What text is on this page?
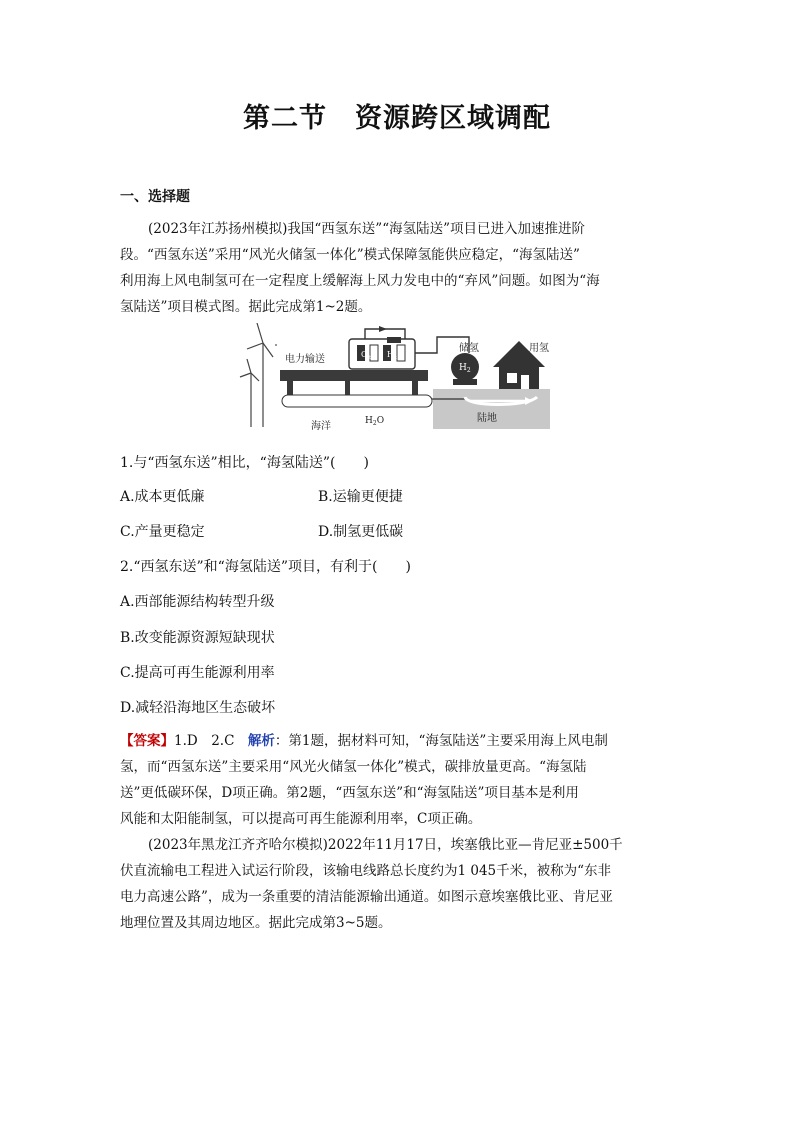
第二节　资源跨区域调配
一、选择题
(2023年江苏扬州模拟)我国“西氢东送”“海氢陆送”项目已进入加速推进阶
段。“西氢东送”采用“风光火储氢一体化”模式保障氢能供应稳定，“海氢陆送”
利用海上风电制氢可在一定程度上缓解海上风力发电中的“弃风”问题。如图为“海
氢陆送”项目模式图。据此完成第1~2题。
电力输送	$O_2$ $H_2$
储氢
$H_2$
用氢
海洋	$H_2O$	陆地
1.与“西氢东送”相比，“海氢陆送”(　　)
A.成本更低廉	B.运输更便捷
C.产量更稳定	D.制氢更低碳
2.“西氢东送”和“海氢陆送”项目，有利于(　　)
A.西部能源结构转型升级
B.改变能源资源短缺现状
C.提高可再生能源利用率
D.减轻沿海地区生态破坏
【答案】1.D　2.C　解析：第1题，据材料可知，“海氢陆送”主要采用海上风电制
氢，而“西氢东送”主要采用“风光火储氢一体化”模式，碳排放量更高。“海氢陆
送”更低碳环保，D项正确。第2题，“西氢东送”和“海氢陆送”项目基本是利用
风能和太阳能制氢，可以提高可再生能源利用率，C项正确。
(2023年黑龙江齐齐哈尔模拟)2022年11月17日，埃塞俄比亚—肯尼亚±500千
伏直流输电工程进入试运行阶段，该输电线路总长度约为1 045千米，被称为“东非
电力高速公路”，成为一条重要的清洁能源输出通道。如图示意埃塞俄比亚、肯尼亚
地理位置及其周边地区。据此完成第3~5题。
